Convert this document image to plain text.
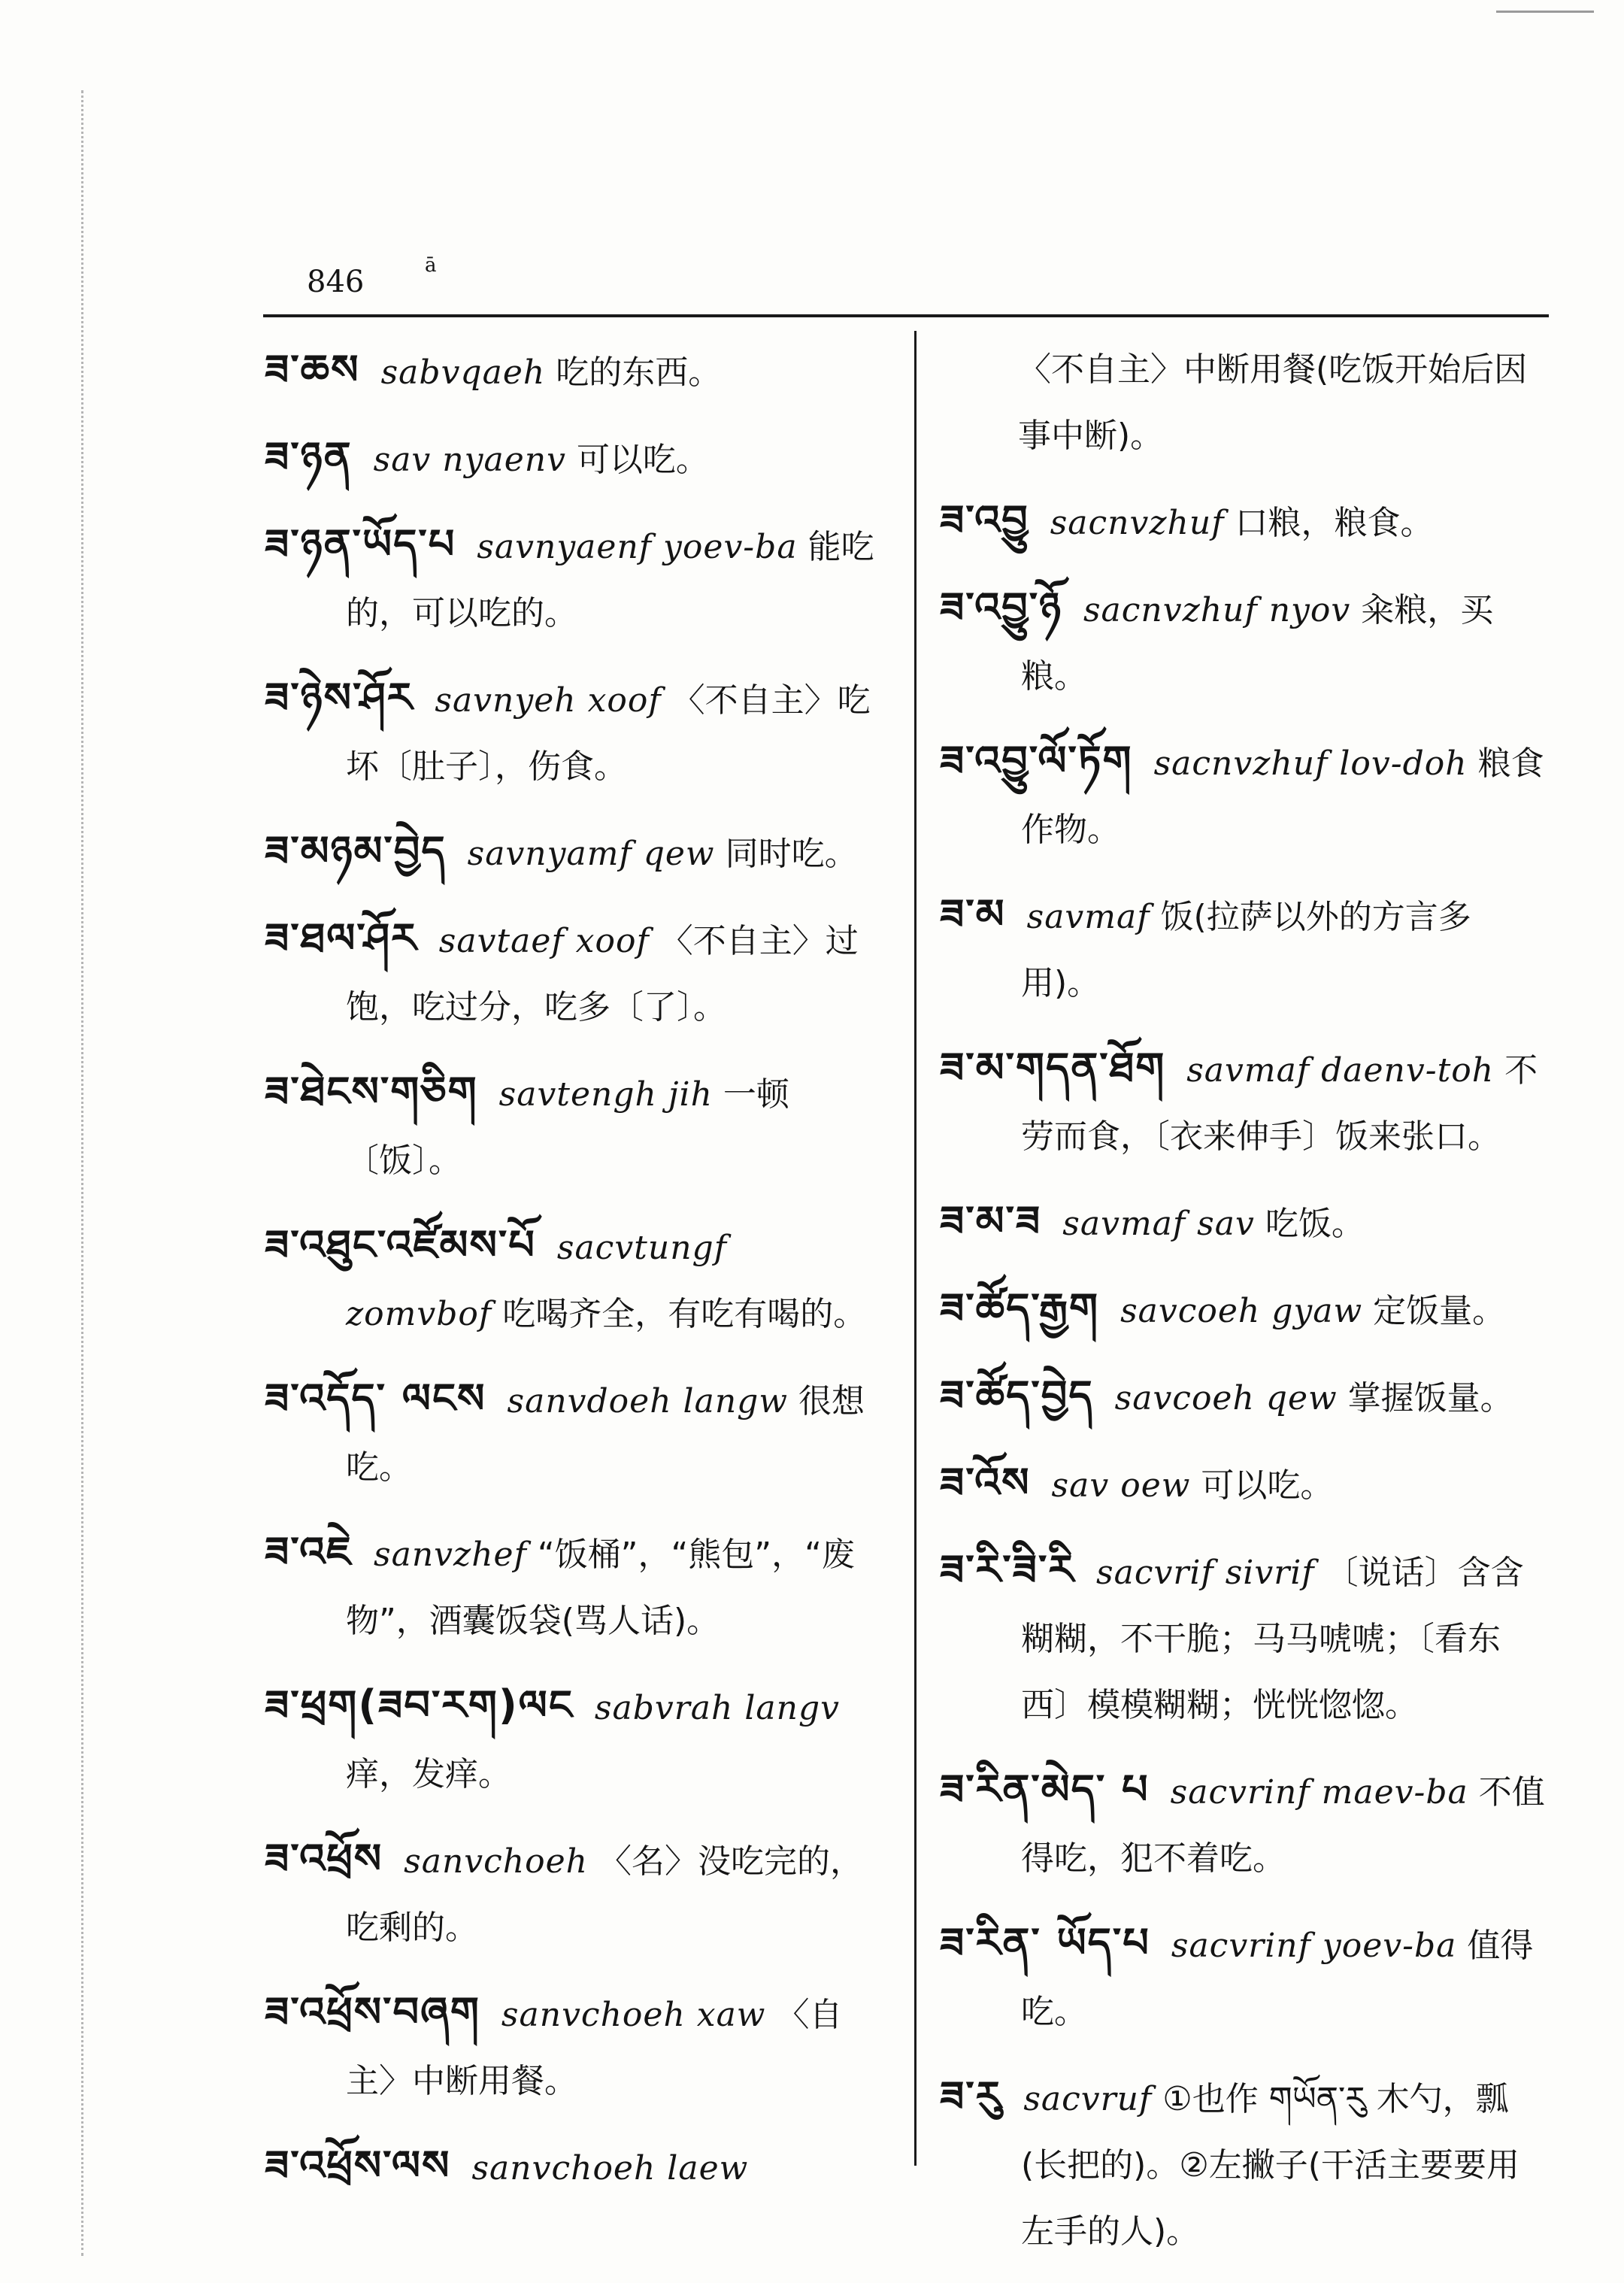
846	ā

ཟ་ཆས sabvqaeh 吃的东西。

ཟ་ཉན sav nyaenv 可以吃。

ཟ་ཉན་ཡོད་པ savnyaenf yoev-ba 能吃的，可以吃的。

ཟ་ཉེས་ཤོར savnyeh xoof 〈不自主〉吃坏〔肚子〕，伤食。

ཟ་མཉམ་བྱེད savnyamf qew 同时吃。

ཟ་ཐལ་ཤོར savtaef xoof 〈不自主〉过饱，吃过分，吃多〔了〕。

ཟ་ཐེངས་གཅིག savtengh jih 一顿〔饭〕。

ཟ་འཐུང་འཛོམས་པོ sacvtungf zomvbof 吃喝齐全，有吃有喝的。

ཟ་འདོད་ ལངས sanvdoeh langw 很想吃。

ཟ་འཇེ sanvzhef “饭桶”，“熊包”，“废物”，酒囊饭袋(骂人话)。

ཟ་ཕྲག(ཟབ་རག)ལང sabvrah langv痒，发痒。

ཟ་འཕྲོས sanvchoeh 〈名〉没吃完的，吃剩的。

ཟ་འཕྲོས་བཞག sanvchoeh xaw 〈自主〉中断用餐。

ཟ་འཕྲོས་ལས sanvchoeh laew

〈不自主〉中断用餐(吃饭开始后因事中断)。

ཟ་འབྱུ sacnvzhuf 口粮，粮食。

ཟ་འབྱུ་ཉོ sacnvzhuf nyov 籴粮，买粮。

ཟ་འབྱུ་ལོ་ཏོག sacnvzhuf lov-doh 粮食作物。

ཟ་མ savmaf 饭(拉萨以外的方言多用)。

ཟ་མ་གདན་ཐོག savmaf daenv-toh 不劳而食，〔衣来伸手〕饭来张口。

ཟ་མ་ཟ savmaf sav 吃饭。

ཟ་ཚོད་རྒྱག savcoeh gyaw 定饭量。

ཟ་ཚོད་བྱེད savcoeh qew 掌握饭量。

ཟ་འོས sav oew 可以吃。

ཟ་རི་ཟི་རི sacvrif sivrif 〔说话〕含含糊糊，不干脆；马马唬唬；〔看东西〕模模糊糊；恍恍惚惚。

ཟ་རིན་མེད་ པ sacvrinf maev-ba 不值得吃，犯不着吃。

ཟ་རིན་ ཡོད་པ sacvrinf yoev-ba 值得吃。

ཟ་རུ sacvruf ①也作 གཡོན་རུ 木勺，瓢(长把的)。②左撇子(干活主要要用左手的人)。
